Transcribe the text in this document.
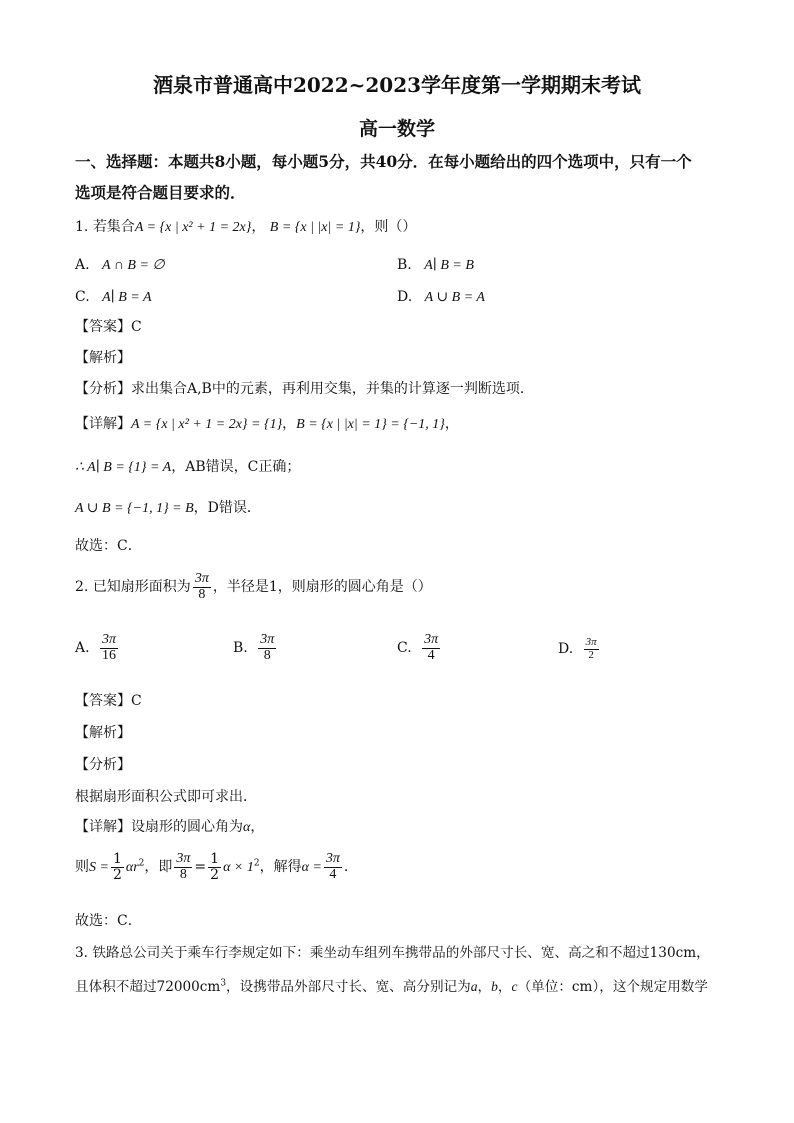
酒泉市普通高中2022~2023学年度第一学期期末考试
高一数学
一、选择题：本题共8小题，每小题5分，共40分．在每小题给出的四个选项中，只有一个
选项是符合题目要求的．
1. 若集合A = {x | x² + 1 = 2x}， B = {x | |x| = 1}，则（）
A. A ∩ B = ∅	B. A∣ B = B
C. A∣ B = A	D. A ∪ B = A
【答案】C
【解析】
【分析】求出集合A,B中的元素，再利用交集，并集的计算逐一判断选项．
【详解】A = {x | x² + 1 = 2x} = {1}，B = {x | |x| = 1} = {−1, 1}，
∴ A∣ B = {1} = A，AB错误，C正确；
A ∪ B = {−1, 1} = B，D错误．
故选：C．
2. 已知扇形面积为 $\frac{3\pi}{8}$ ，半径是1，则扇形的圆心角是（）
A. $\frac{3\pi}{16}$	B. $\frac{3\pi}{8}$	C. $\frac{3\pi}{4}$	D. $\frac{3\pi}{2}$
【答案】C
【解析】
【分析】
根据扇形面积公式即可求出．
【详解】设扇形的圆心角为α，
则$S = \frac{1}{2} \alpha r^2$，即 $\frac{3\pi}{8} = \frac{1}{2}$ $\alpha \times 1^2$，解得$\alpha = \frac{3\pi}{4}$ .
故选：C．
3. 铁路总公司关于乘车行李规定如下：乘坐动车组列车携带品的外部尺寸长、宽、高之和不超过130cm，
且体积不超过$72000cm^3$，设携带品外部尺寸长、宽、高分别记为a，b，c（单位：cm），这个规定用数学
